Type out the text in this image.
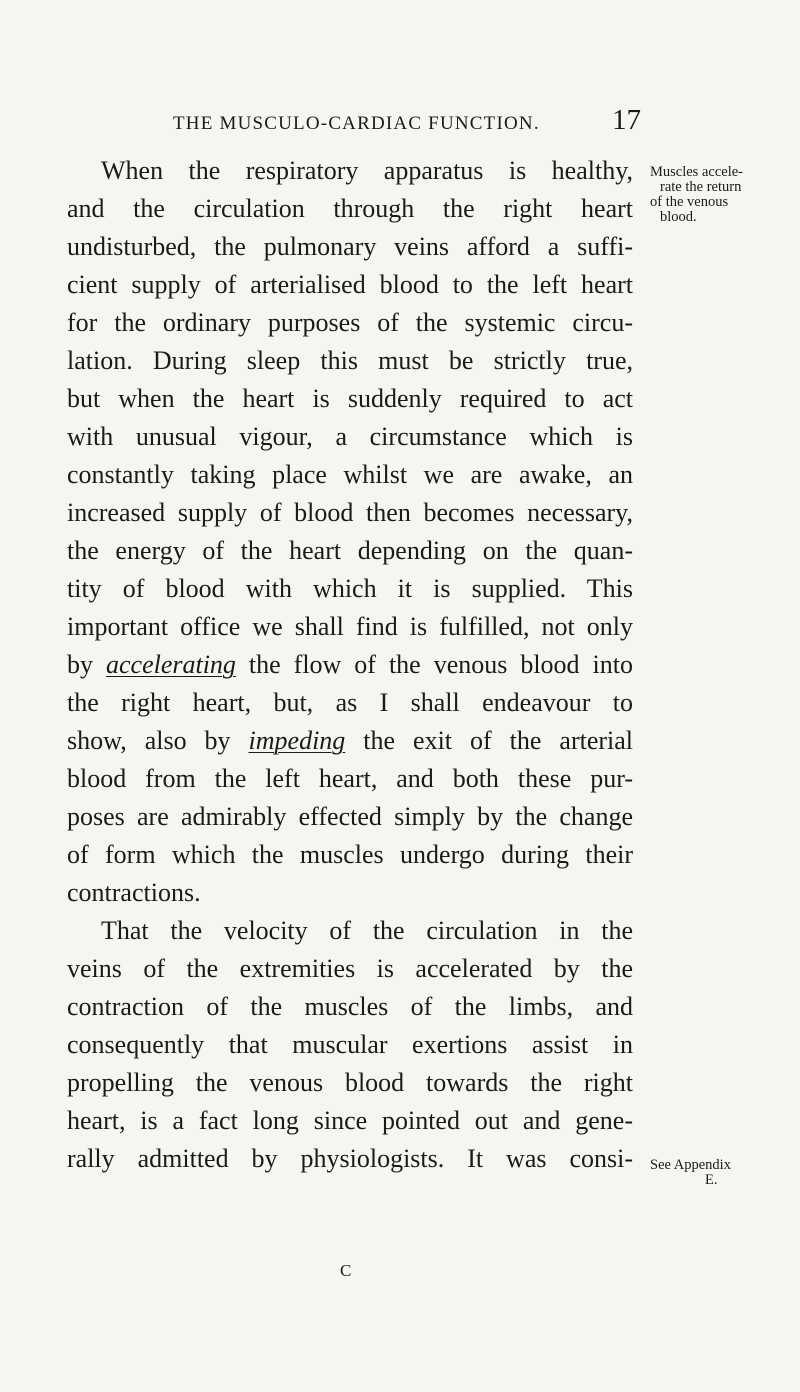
THE MUSCULO-CARDIAC FUNCTION. 17
When the respiratory apparatus is healthy,
and the circulation through the right heart
undisturbed, the pulmonary veins afford a suffi-
cient supply of arterialised blood to the left heart
for the ordinary purposes of the systemic circu-
lation. During sleep this must be strictly true,
but when the heart is suddenly required to act
with unusual vigour, a circumstance which is
constantly taking place whilst we are awake, an
increased supply of blood then becomes necessary,
the energy of the heart depending on the quan-
tity of blood with which it is supplied. This
important office we shall find is fulfilled, not only
by accelerating the flow of the venous blood into
the right heart, but, as I shall endeavour to
show, also by impeding the exit of the arterial
blood from the left heart, and both these pur-
poses are admirably effected simply by the change
of form which the muscles undergo during their
contractions.
That the velocity of the circulation in the
veins of the extremities is accelerated by the
contraction of the muscles of the limbs, and
consequently that muscular exertions assist in
propelling the venous blood towards the right
heart, is a fact long since pointed out and gene-
rally admitted by physiologists. It was consi-
Muscles accele-
rate the return
of the venous
blood.
See Appendix
E.
C
